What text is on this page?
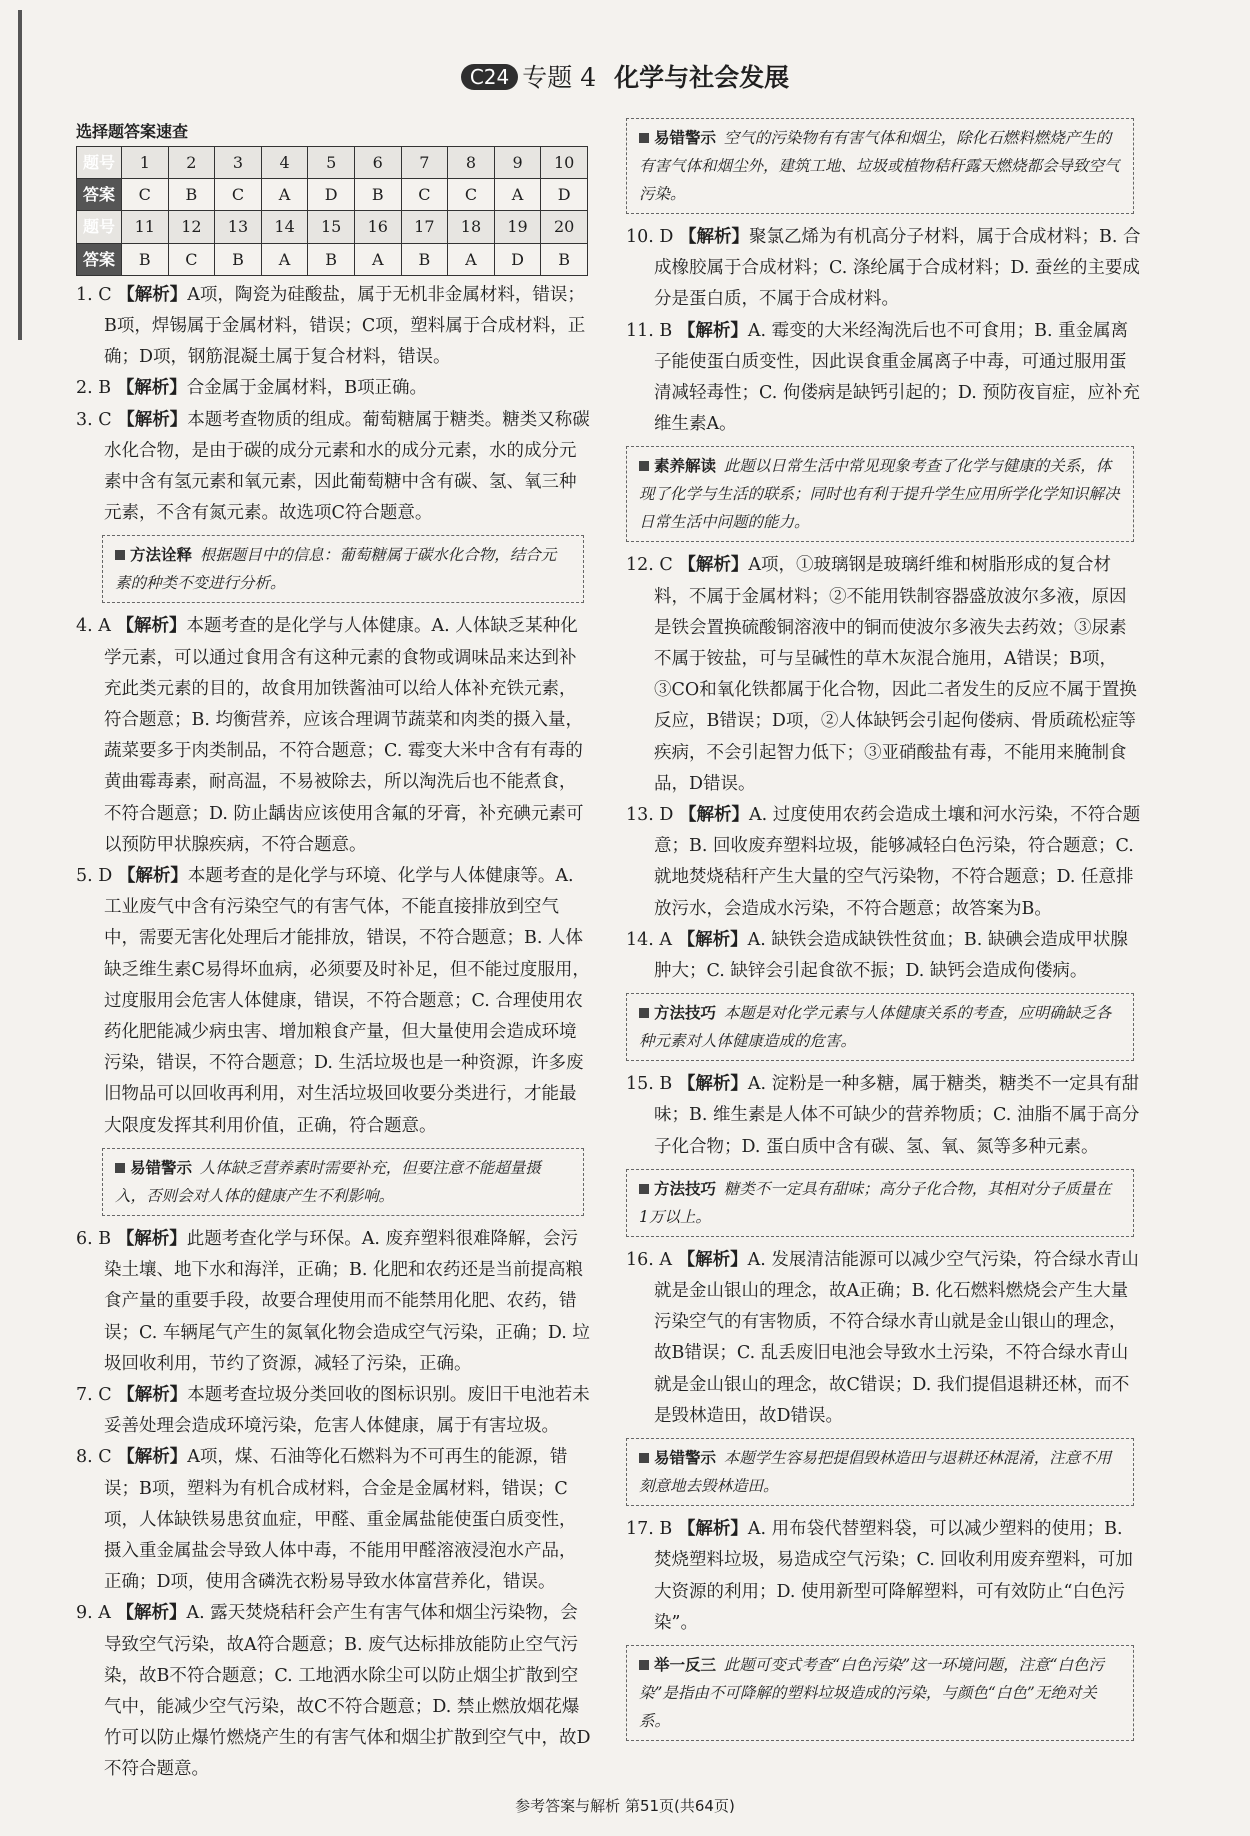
C24 专题 4 化学与社会发展
选择题答案速查
题号	1	2	3	4	5	6	7	8	9	10
答案	C	B	C	A	D	B	C	C	A	D
题号	11	12	13	14	15	16	17	18	19	20
答案	B	C	B	A	B	A	B	A	D	B

1. C 【解析】A项，陶瓷为硅酸盐，属于无机非金属材料，错误；B项，焊锡属于金属材料，错误；C项，塑料属于合成材料，正确；D项，钢筋混凝土属于复合材料，错误。

2. B 【解析】合金属于金属材料，B项正确。

3. C 【解析】本题考查物质的组成。葡萄糖属于糖类。糖类又称碳水化合物，是由于碳的成分元素和水的成分元素，水的成分元素中含有氢元素和氧元素，因此葡萄糖中含有碳、氢、氧三种元素，不含有氮元素。故选项C符合题意。

方法诠释  根据题目中的信息：葡萄糖属于碳水化合物，结合元素的种类不变进行分析。

4. A 【解析】本题考查的是化学与人体健康。A. 人体缺乏某种化学元素，可以通过食用含有这种元素的食物或调味品来达到补充此类元素的目的，故食用加铁酱油可以给人体补充铁元素，符合题意；B. 均衡营养，应该合理调节蔬菜和肉类的摄入量，蔬菜要多于肉类制品，不符合题意；C. 霉变大米中含有有毒的黄曲霉毒素，耐高温，不易被除去，所以淘洗后也不能煮食，不符合题意；D. 防止龋齿应该使用含氟的牙膏，补充碘元素可以预防甲状腺疾病，不符合题意。

5. D 【解析】本题考查的是化学与环境、化学与人体健康等。A. 工业废气中含有污染空气的有害气体，不能直接排放到空气中，需要无害化处理后才能排放，错误，不符合题意；B. 人体缺乏维生素C易得坏血病，必须要及时补足，但不能过度服用，过度服用会危害人体健康，错误，不符合题意；C. 合理使用农药化肥能减少病虫害、增加粮食产量，但大量使用会造成环境污染，错误，不符合题意；D. 生活垃圾也是一种资源，许多废旧物品可以回收再利用，对生活垃圾回收要分类进行，才能最大限度发挥其利用价值，正确，符合题意。

易错警示  人体缺乏营养素时需要补充，但要注意不能超量摄入，否则会对人体的健康产生不利影响。

6. B 【解析】此题考查化学与环保。A. 废弃塑料很难降解，会污染土壤、地下水和海洋，正确；B. 化肥和农药还是当前提高粮食产量的重要手段，故要合理使用而不能禁用化肥、农药，错误；C. 车辆尾气产生的氮氧化物会造成空气污染，正确；D. 垃圾回收利用，节约了资源，减轻了污染，正确。

7. C 【解析】本题考查垃圾分类回收的图标识别。废旧干电池若未妥善处理会造成环境污染，危害人体健康，属于有害垃圾。

8. C 【解析】A项，煤、石油等化石燃料为不可再生的能源，错误；B项，塑料为有机合成材料，合金是金属材料，错误；C项，人体缺铁易患贫血症，甲醛、重金属盐能使蛋白质变性，摄入重金属盐会导致人体中毒，不能用甲醛溶液浸泡水产品，正确；D项，使用含磷洗衣粉易导致水体富营养化，错误。

9. A 【解析】A. 露天焚烧秸秆会产生有害气体和烟尘污染物，会导致空气污染，故A符合题意；B. 废气达标排放能防止空气污染，故B不符合题意；C. 工地洒水除尘可以防止烟尘扩散到空气中，能减少空气污染，故C不符合题意；D. 禁止燃放烟花爆竹可以防止爆竹燃烧产生的有害气体和烟尘扩散到空气中，故D不符合题意。

易错警示  空气的污染物有有害气体和烟尘，除化石燃料燃烧产生的有害气体和烟尘外，建筑工地、垃圾或植物秸秆露天燃烧都会导致空气污染。

10. D 【解析】聚氯乙烯为有机高分子材料，属于合成材料；B. 合成橡胶属于合成材料；C. 涤纶属于合成材料；D. 蚕丝的主要成分是蛋白质，不属于合成材料。

11. B 【解析】A. 霉变的大米经淘洗后也不可食用；B. 重金属离子能使蛋白质变性，因此误食重金属离子中毒，可通过服用蛋清减轻毒性；C. 佝偻病是缺钙引起的；D. 预防夜盲症，应补充维生素A。

素养解读  此题以日常生活中常见现象考查了化学与健康的关系，体现了化学与生活的联系；同时也有利于提升学生应用所学化学知识解决日常生活中问题的能力。

12. C 【解析】A项，①玻璃钢是玻璃纤维和树脂形成的复合材料，不属于金属材料；②不能用铁制容器盛放波尔多液，原因是铁会置换硫酸铜溶液中的铜而使波尔多液失去药效；③尿素不属于铵盐，可与呈碱性的草木灰混合施用，A错误；B项，③CO和氧化铁都属于化合物，因此二者发生的反应不属于置换反应，B错误；D项，②人体缺钙会引起佝偻病、骨质疏松症等疾病，不会引起智力低下；③亚硝酸盐有毒，不能用来腌制食品，D错误。

13. D 【解析】A. 过度使用农药会造成土壤和河水污染，不符合题意；B. 回收废弃塑料垃圾，能够减轻白色污染，符合题意；C. 就地焚烧秸秆产生大量的空气污染物，不符合题意；D. 任意排放污水，会造成水污染，不符合题意；故答案为B。

14. A 【解析】A. 缺铁会造成缺铁性贫血；B. 缺碘会造成甲状腺肿大；C. 缺锌会引起食欲不振；D. 缺钙会造成佝偻病。

方法技巧  本题是对化学元素与人体健康关系的考查，应明确缺乏各种元素对人体健康造成的危害。

15. B 【解析】A. 淀粉是一种多糖，属于糖类，糖类不一定具有甜味；B. 维生素是人体不可缺少的营养物质；C. 油脂不属于高分子化合物；D. 蛋白质中含有碳、氢、氧、氮等多种元素。

方法技巧  糖类不一定具有甜味；高分子化合物，其相对分子质量在1万以上。

16. A 【解析】A. 发展清洁能源可以减少空气污染，符合绿水青山就是金山银山的理念，故A正确；B. 化石燃料燃烧会产生大量污染空气的有害物质，不符合绿水青山就是金山银山的理念，故B错误；C. 乱丢废旧电池会导致水土污染，不符合绿水青山就是金山银山的理念，故C错误；D. 我们提倡退耕还林，而不是毁林造田，故D错误。

易错警示  本题学生容易把提倡毁林造田与退耕还林混淆，注意不用刻意地去毁林造田。

17. B 【解析】A. 用布袋代替塑料袋，可以减少塑料的使用；B. 焚烧塑料垃圾，易造成空气污染；C. 回收利用废弃塑料，可加大资源的利用；D. 使用新型可降解塑料，可有效防止“白色污染”。

举一反三  此题可变式考查“白色污染”这一环境问题，注意“白色污染”是指由不可降解的塑料垃圾造成的污染，与颜色“白色”无绝对关系。
参考答案与解析 第51页(共64页)
